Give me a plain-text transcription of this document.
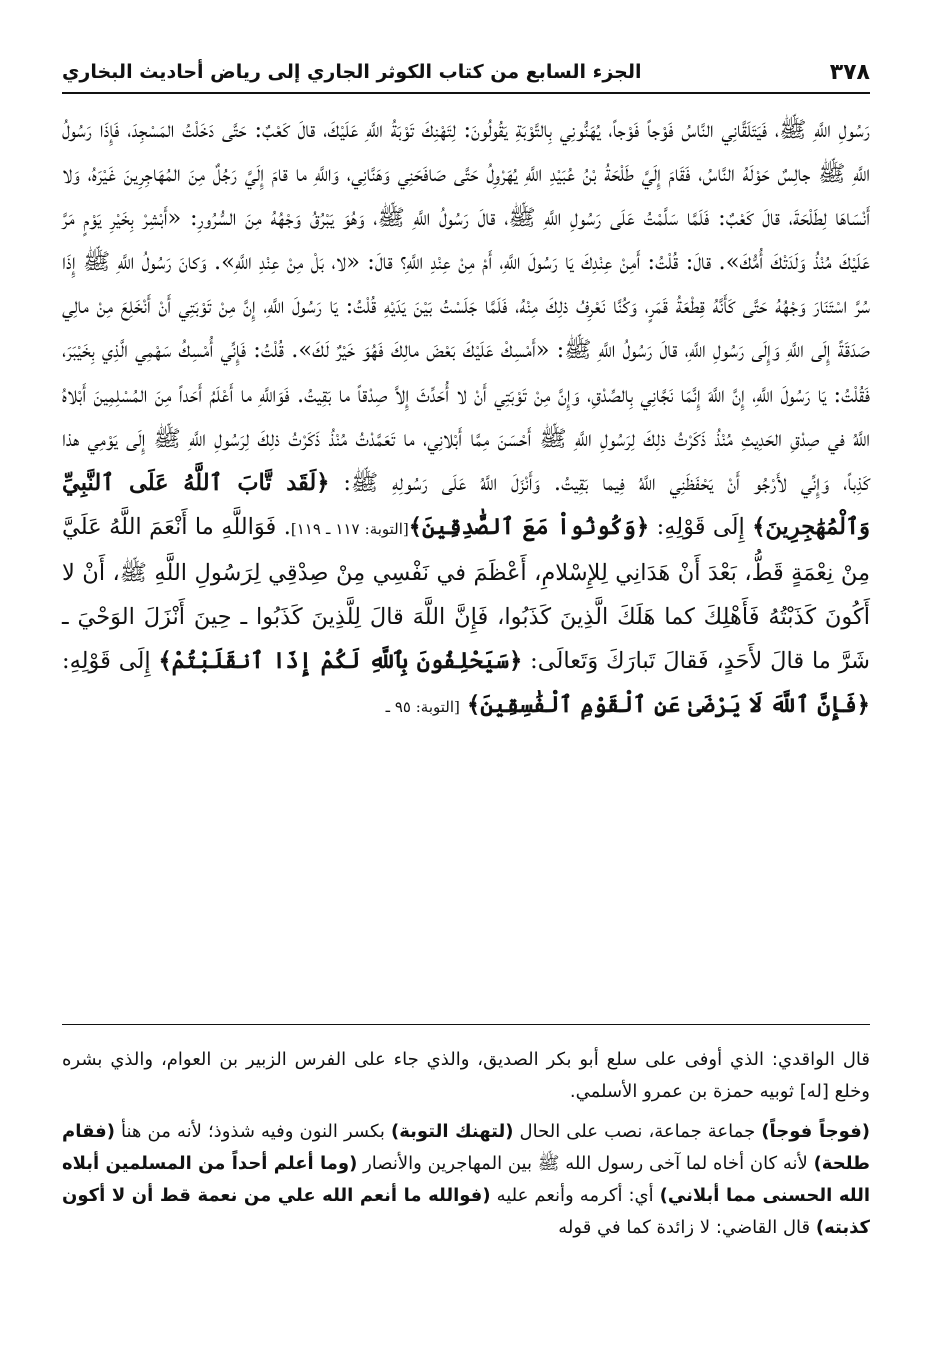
٣٧٨
الجزء السابع من كتاب الكوثر الجاري إلى رياض أحاديث البخاري

رَسُولِ اللَّهِ ﷺ، فَيَتَلَقَّانِي النَّاسُ فَوْجاً فَوْجاً، يُهَنُّونِي بِالتَّوْبَةِ يَقُولُونَ: لِتَهْنِكَ تَوْبَةُ اللَّهِ عَلَيْكَ، قالَ كَعْبٌ: حَتَّى دَخَلْتُ المَسْجِدَ، فَإِذَا رَسُولُ اللَّهِ ﷺ جالِسٌ حَوْلَهُ النَّاسُ، فَقَامَ إِلَيَّ طَلْحَةُ بْنُ عُبَيْدِ اللَّهِ يُهَرْوِلُ حَتَّى صَافَحَنِي وَهَنَّانِي، وَاللَّهِ ما قامَ إِلَيَّ رَجُلٌ مِنَ المُهَاجِرِينَ غَيْرَهُ، وَلا أَنْسَاهَا لِطَلْحَةَ، قالَ كَعْبٌ: فَلَمَّا سَلَّمْتُ عَلَى رَسُولِ اللَّهِ ﷺ، قالَ رَسُولُ اللَّهِ ﷺ، وَهُوَ يَبْرُقُ وَجْهُهُ مِنَ السُّرُورِ: «أَبْشِرْ بِخَيْرِ يَوْمٍ مَرَّ عَلَيْكَ مُنْذُ وَلَدَتْكَ أُمُّكَ». قالَ: قُلْتُ: أَمِنْ عِنْدِكَ يَا رَسُولَ اللَّهِ، أَمْ مِنْ عِنْدِ اللَّهِ؟ قالَ: «لا، بَلْ مِنْ عِنْدِ اللَّهِ». وَكانَ رَسُولُ اللَّهِ ﷺ إِذَا سُرَّ اسْتَنَارَ وَجْهُهُ حَتَّى كَأَنَّهُ قِطْعَةُ قَمَرٍ، وَكُنَّا نَعْرِفُ ذلِكَ مِنْهُ، فَلَمَّا جَلَسْتُ بَيْنَ يَدَيْهِ قُلْتُ: يَا رَسُولَ اللَّهِ، إِنَّ مِنْ تَوْبَتِي أَنْ أَنْخَلِعَ مِنْ مالِي صَدَقَةً إِلَى اللَّهِ وَإِلَى رَسُولِ اللَّهِ، قالَ رَسُولُ اللَّهِ ﷺ: «أَمْسِكْ عَلَيْكَ بَعْضَ مالِكَ فَهُوَ خَيْرٌ لَكَ». قُلْتُ: فَإِنِّي أُمْسِكُ سَهْمِي الَّذِي بِخَيْبَرَ، فَقُلْتُ: يَا رَسُولَ اللَّهِ، إِنَّ اللَّهَ إِنَّمَا نَجَّانِي بِالصِّدْقِ، وَإِنَّ مِنْ تَوْبَتِي أَنْ لا أُحَدِّثَ إِلاَّ صِدْقاً ما بَقِيتُ. فَوَاللَّهِ ما أَعْلَمُ أَحَداً مِنَ المُسْلِمِينَ أَبْلاهُ اللَّهُ في صِدْقِ الحَدِيثِ مُنْذُ ذَكَرْتُ ذلِكَ لِرَسُولِ اللَّهِ ﷺ أَحْسَنَ مِمَّا أَبْلانِي، ما تَعَمَّدْتُ مُنْذُ ذَكَرْتُ ذلِكَ لِرَسُولِ اللَّهِ ﷺ إِلَى يَوْمِي هذا كَذِباً، وَإِنِّي لأَرْجُو أَنْ يَحْفَظَنِي اللَّهُ فِيما بَقِيتُ. وَأَنْزَلَ اللَّهُ عَلَى رَسُولِهِ ﷺ: ﴿لَقَد تَّابَ ٱللَّهُ عَلَى ٱلنَّبِيِّ وَٱلْمُهَٰجِرِينَ﴾ إِلَى قَوْلِهِ: ﴿وَكُونُواْ مَعَ ٱلصَّٰدِقِينَ﴾[التوبة: ١١٧ ـ ١١٩]. فَوَاللَّهِ ما أَنْعَمَ اللَّهُ عَلَيَّ مِنْ نِعْمَةٍ قَطُّ، بَعْدَ أَنْ هَدَانِي لِلإِسْلامِ، أَعْظَمَ في نَفْسِي مِنْ صِدْقِي لِرَسُولِ اللَّهِ ﷺ، أَنْ لا أَكُونَ كَذَبْتُهُ فَأَهْلِكَ كما هَلَكَ الَّذِينَ كَذَبُوا، فَإِنَّ اللَّهَ قالَ لِلَّذِينَ كَذَبُوا ـ حِينَ أَنْزَلَ الوَحْيَ ـ شَرَّ ما قالَ لأَحَدٍ، فَقالَ تَبارَكَ وَتَعالَى: ﴿سَيَحْلِفُونَ بِٱللَّهِ لَكُمْ إِذَا ٱنقَلَبْتُمْ﴾ إِلَى قَوْلِهِ: ﴿فَإِنَّ ٱللَّهَ لَا يَرْضَىٰ عَنِ ٱلْقَوْمِ ٱلْفَٰسِقِينَ﴾ [التوبة: ٩٥ ـ

قال الواقدي: الذي أوفى على سلع أبو بكر الصديق، والذي جاء على الفرس الزبير بن العوام، والذي بشره وخلع [له] ثوبيه حمزة بن عمرو الأسلمي.

(فوجاً فوجاً) جماعة جماعة، نصب على الحال (لتهنك التوبة) بكسر النون وفيه شذوذ؛ لأنه من هنأ (فقام طلحة) لأنه كان أخاه لما آخى رسول الله ﷺ بين المهاجرين والأنصار (وما أعلم أحداً من المسلمين أبلاه الله الحسنى مما أبلاني) أي: أكرمه وأنعم عليه (فوالله ما أنعم الله علي من نعمة قط أن لا أكون كذبته) قال القاضي: لا زائدة كما في قوله
